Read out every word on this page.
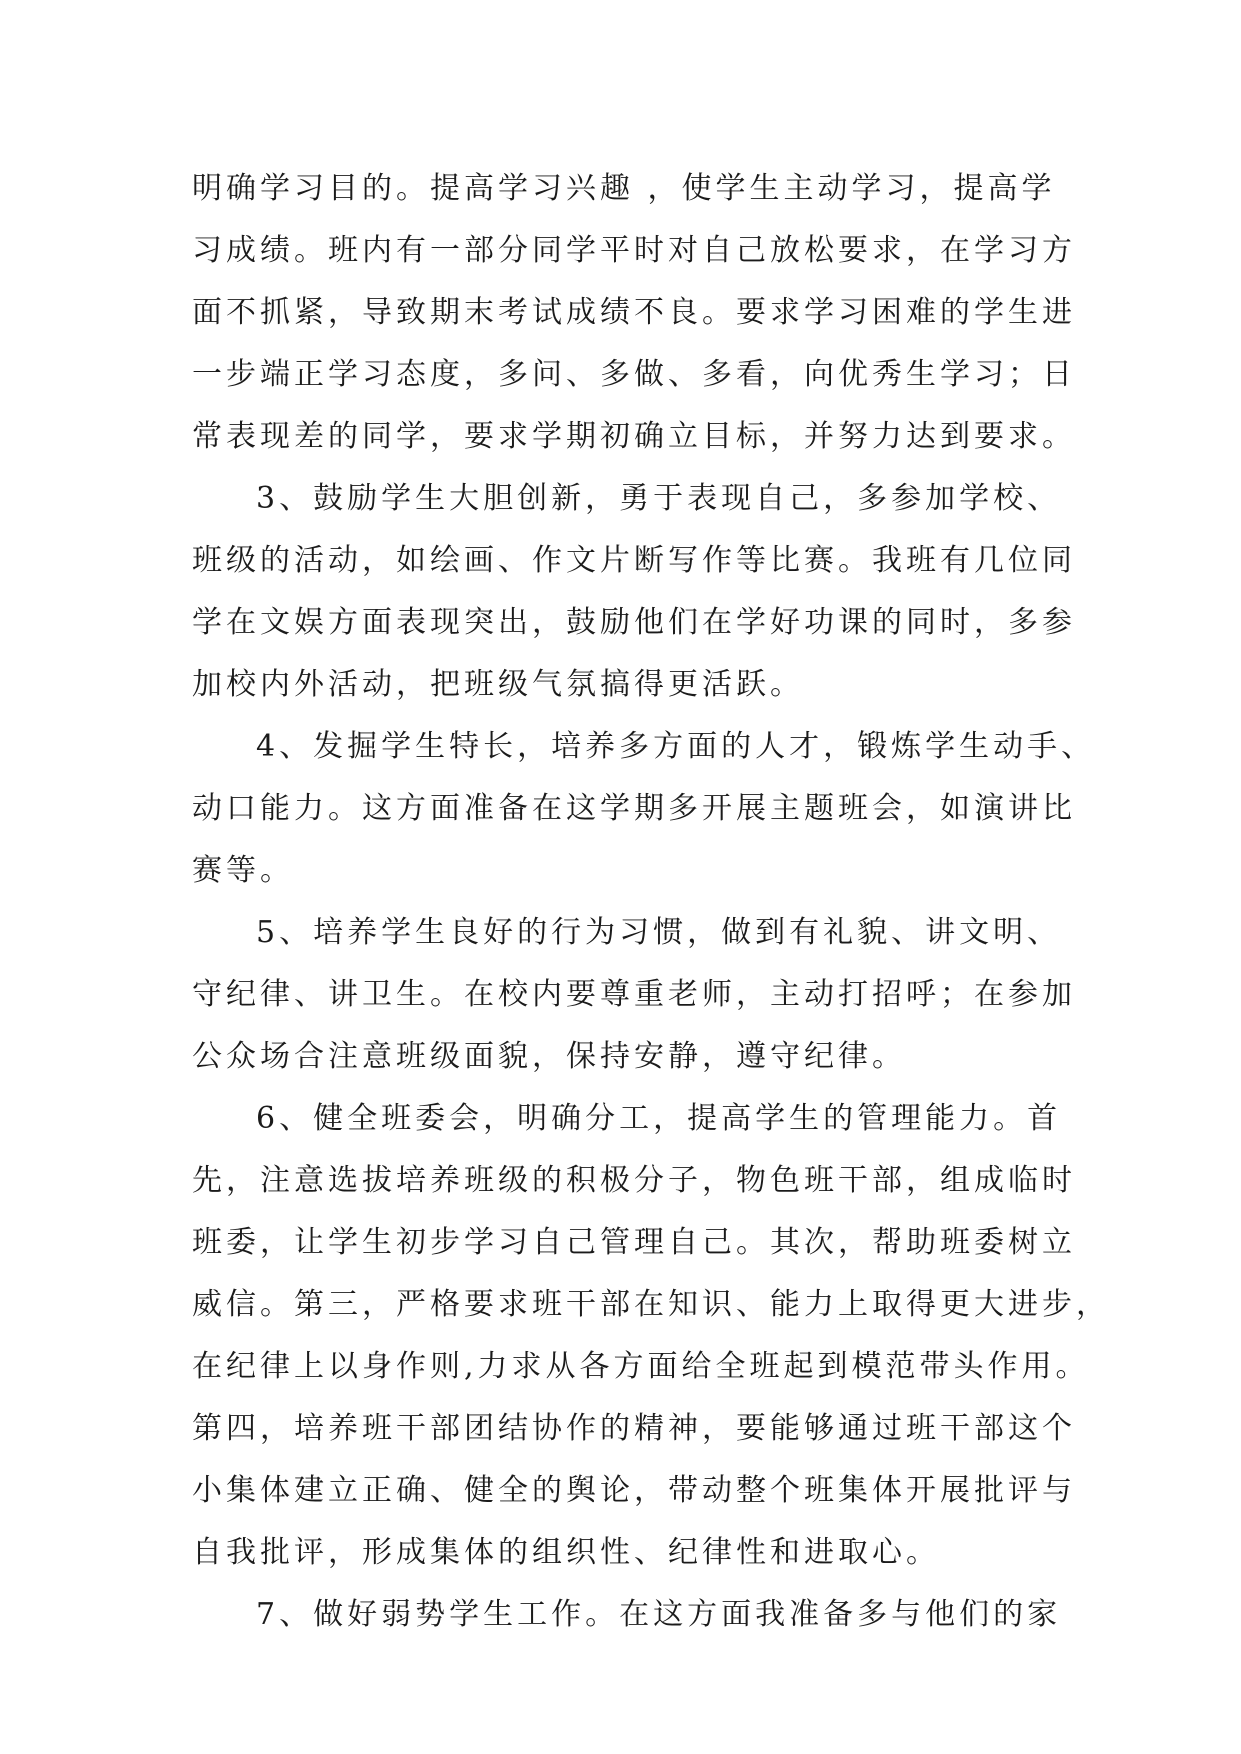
明确学习目的。提高学习兴趣 ，使学生主动学习，提高学
习成绩。班内有一部分同学平时对自己放松要求，在学习方
面不抓紧，导致期末考试成绩不良。要求学习困难的学生进
一步端正学习态度，多问、多做、多看，向优秀生学习；日
常表现差的同学，要求学期初确立目标，并努力达到要求。
3、鼓励学生大胆创新，勇于表现自己，多参加学校、
班级的活动，如绘画、作文片断写作等比赛。我班有几位同
学在文娱方面表现突出，鼓励他们在学好功课的同时，多参
加校内外活动，把班级气氛搞得更活跃。
4、发掘学生特长，培养多方面的人才，锻炼学生动手、
动口能力。这方面准备在这学期多开展主题班会，如演讲比
赛等。
5、培养学生良好的行为习惯，做到有礼貌、讲文明、
守纪律、讲卫生。在校内要尊重老师，主动打招呼；在参加
公众场合注意班级面貌，保持安静，遵守纪律。
6、健全班委会，明确分工，提高学生的管理能力。首
先，注意选拔培养班级的积极分子，物色班干部，组成临时
班委，让学生初步学习自己管理自己。其次，帮助班委树立
威信。第三，严格要求班干部在知识、能力上取得更大进步，
在纪律上以身作则,力求从各方面给全班起到模范带头作用。
第四，培养班干部团结协作的精神，要能够通过班干部这个
小集体建立正确、健全的舆论，带动整个班集体开展批评与
自我批评，形成集体的组织性、纪律性和进取心。
7、做好弱势学生工作。在这方面我准备多与他们的家
